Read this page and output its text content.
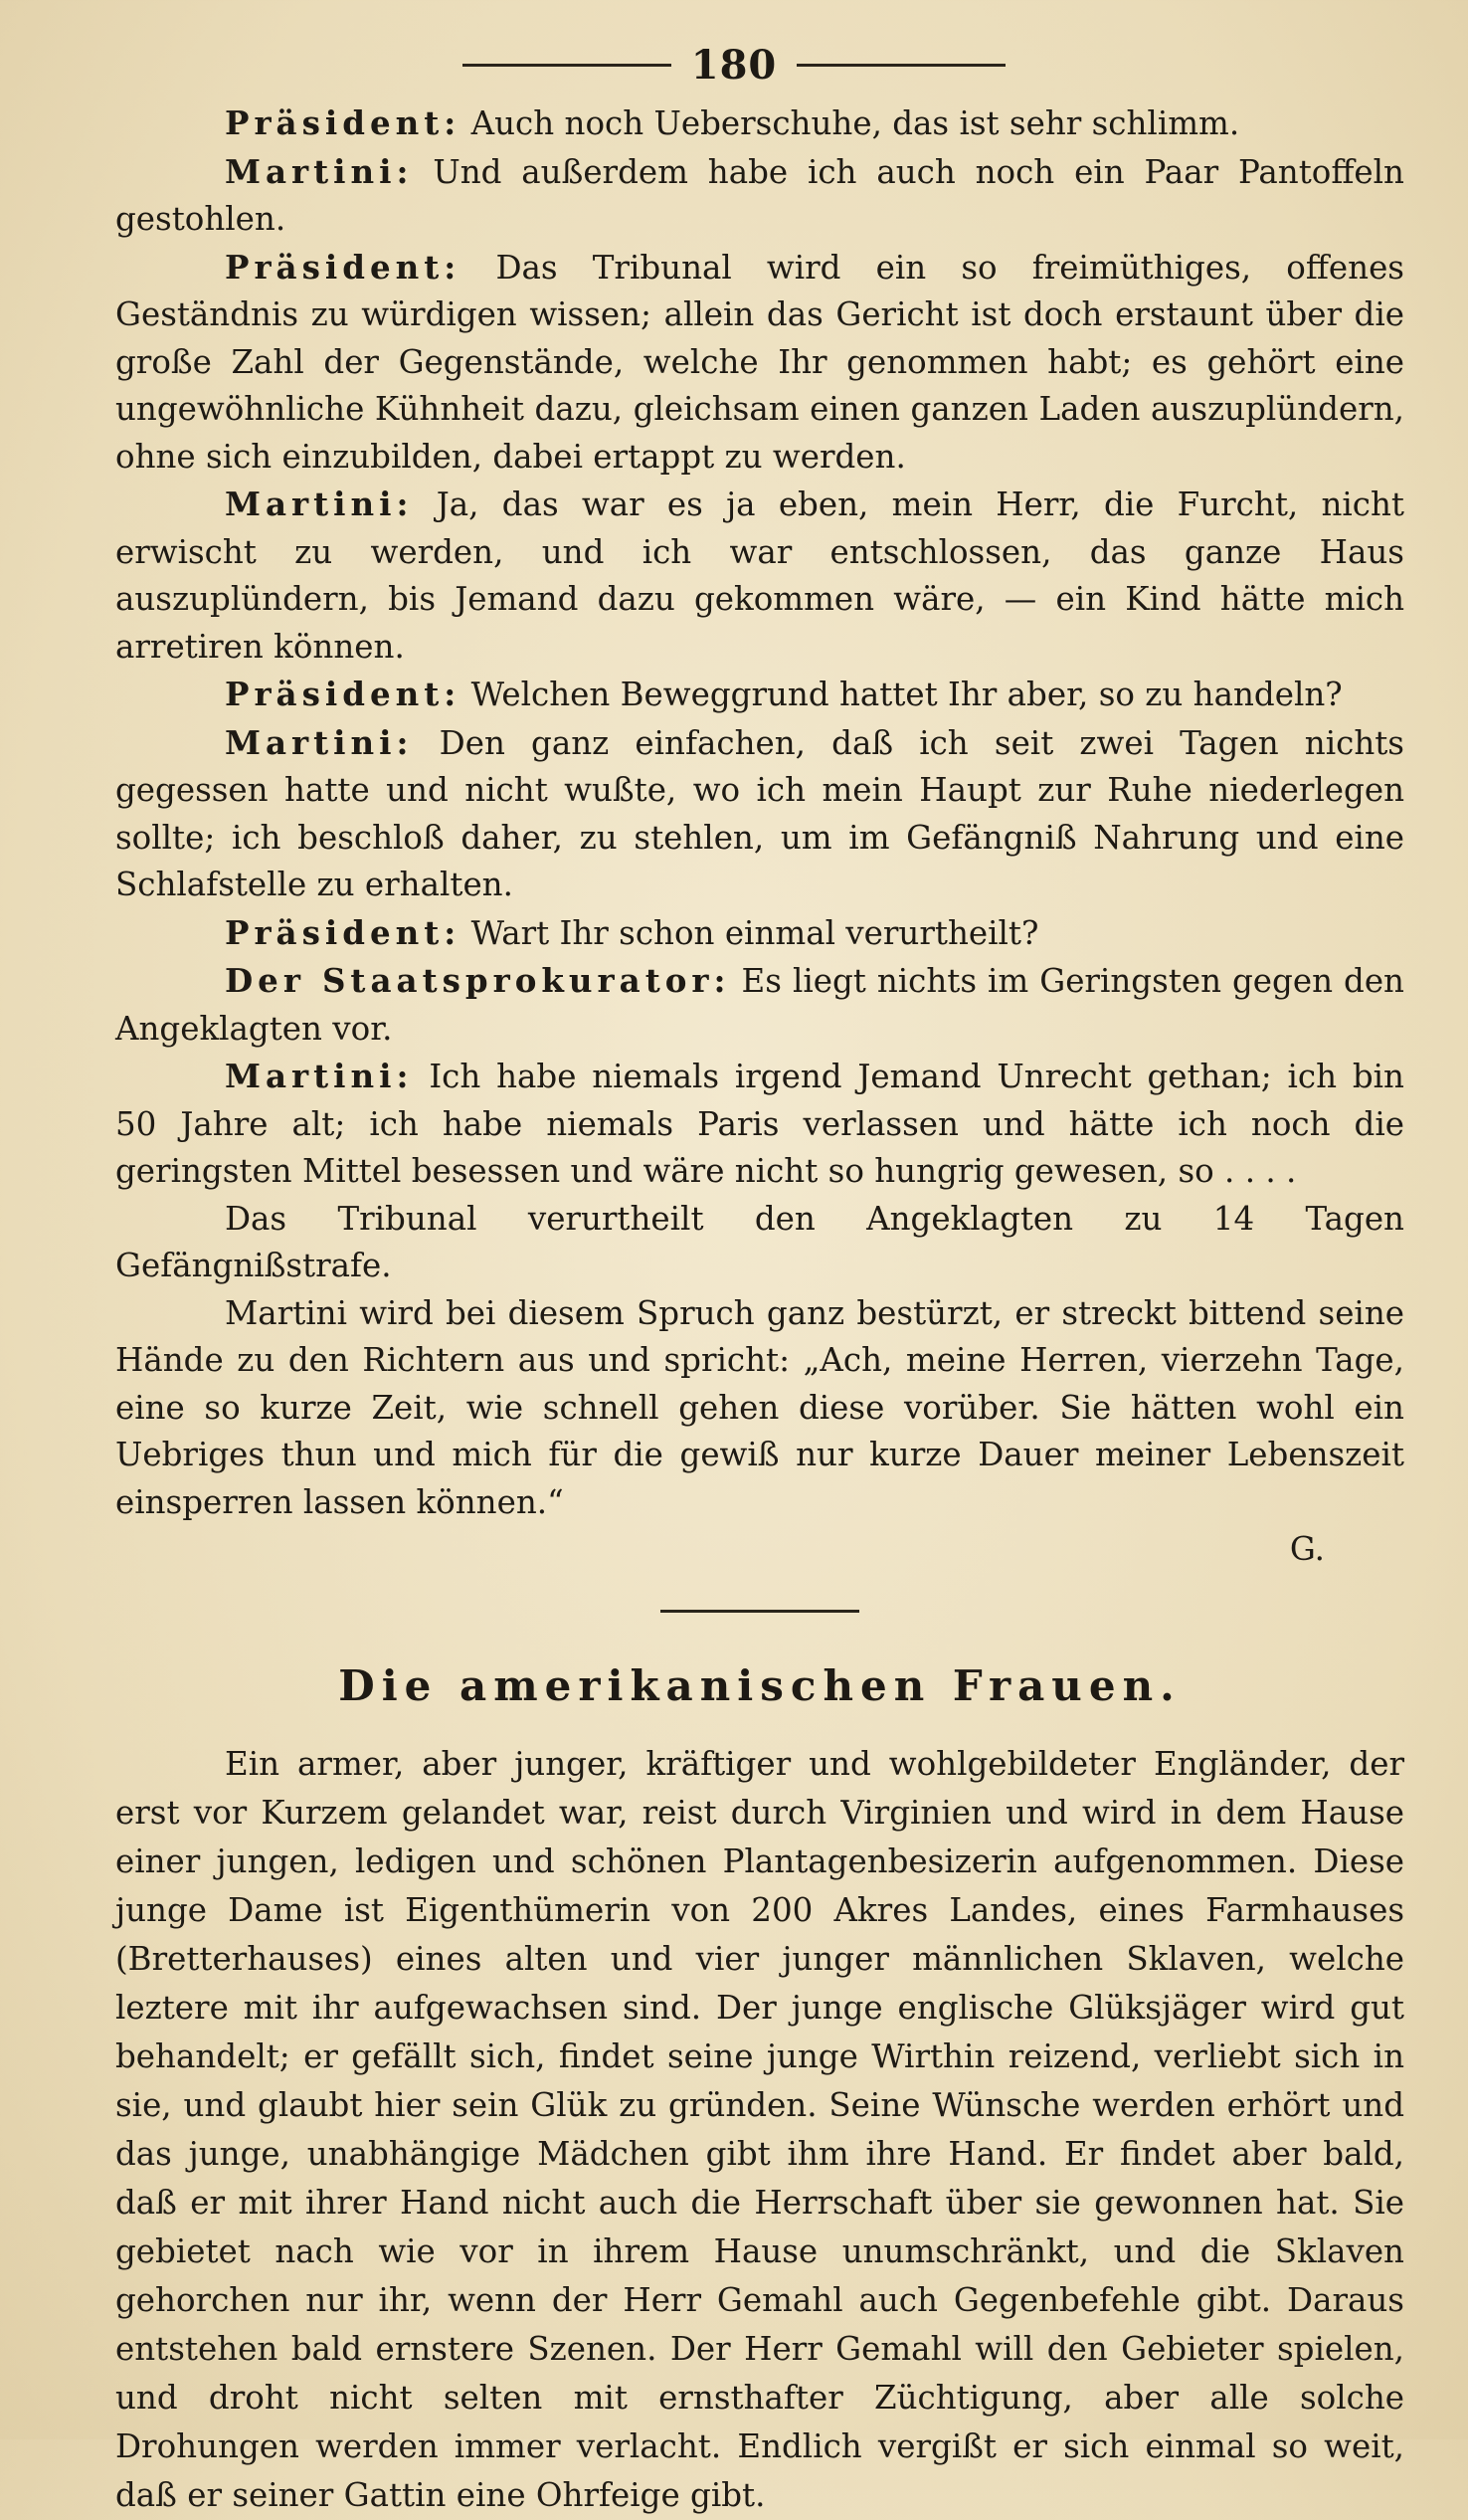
180

Präsident: Auch noch Ueberschuhe, das ist sehr schlimm.

Martini: Und außerdem habe ich auch noch ein Paar Pantoffeln gestohlen.

Präsident: Das Tribunal wird ein so freimüthiges, offenes Geständnis zu würdigen wissen; allein das Gericht ist doch erstaunt über die große Zahl der Gegenstände, welche Ihr genommen habt; es gehört eine ungewöhnliche Kühnheit dazu, gleichsam einen ganzen Laden auszuplündern, ohne sich einzubilden, dabei ertappt zu werden.

Martini: Ja, das war es ja eben, mein Herr, die Furcht, nicht erwischt zu werden, und ich war entschlossen, das ganze Haus auszuplündern, bis Jemand dazu gekommen wäre, — ein Kind hätte mich arretiren können.

Präsident: Welchen Beweggrund hattet Ihr aber, so zu handeln?

Martini: Den ganz einfachen, daß ich seit zwei Tagen nichts gegessen hatte und nicht wußte, wo ich mein Haupt zur Ruhe niederlegen sollte; ich beschloß daher, zu stehlen, um im Gefängniß Nahrung und eine Schlafstelle zu erhalten.

Präsident: Wart Ihr schon einmal verurtheilt?

Der Staatsprokurator: Es liegt nichts im Geringsten gegen den Angeklagten vor.

Martini: Ich habe niemals irgend Jemand Unrecht gethan; ich bin 50 Jahre alt; ich habe niemals Paris verlassen und hätte ich noch die geringsten Mittel besessen und wäre nicht so hungrig gewesen, so . . . .

Das Tribunal verurtheilt den Angeklagten zu 14 Tagen Gefängnißstrafe.

Martini wird bei diesem Spruch ganz bestürzt, er streckt bittend seine Hände zu den Richtern aus und spricht: „Ach, meine Herren, vierzehn Tage, eine so kurze Zeit, wie schnell gehen diese vorüber. Sie hätten wohl ein Uebriges thun und mich für die gewiß nur kurze Dauer meiner Lebenszeit einsperren lassen können.“

G.

Die amerikanischen Frauen.

Ein armer, aber junger, kräftiger und wohlgebildeter Engländer, der erst vor Kurzem gelandet war, reist durch Virginien und wird in dem Hause einer jungen, ledigen und schönen Plantagenbesizerin aufgenommen. Diese junge Dame ist Eigenthümerin von 200 Akres Landes, eines Farmhauses (Bretterhauses) eines alten und vier junger männlichen Sklaven, welche leztere mit ihr aufgewachsen sind. Der junge englische Glüksjäger wird gut behandelt; er gefällt sich, findet seine junge Wirthin reizend, verliebt sich in sie, und glaubt hier sein Glük zu gründen. Seine Wünsche werden erhört und das junge, unabhängige Mädchen gibt ihm ihre Hand. Er findet aber bald, daß er mit ihrer Hand nicht auch die Herrschaft über sie gewonnen hat. Sie gebietet nach wie vor in ihrem Hause unumschränkt, und die Sklaven gehorchen nur ihr, wenn der Herr Gemahl auch Gegenbefehle gibt. Daraus entstehen bald ernstere Szenen. Der Herr Gemahl will den Gebieter spielen, und droht nicht selten mit ernsthafter Züchtigung, aber alle solche Drohungen werden immer verlacht. Endlich vergißt er sich einmal so weit, daß er seiner Gattin eine Ohrfeige gibt.
